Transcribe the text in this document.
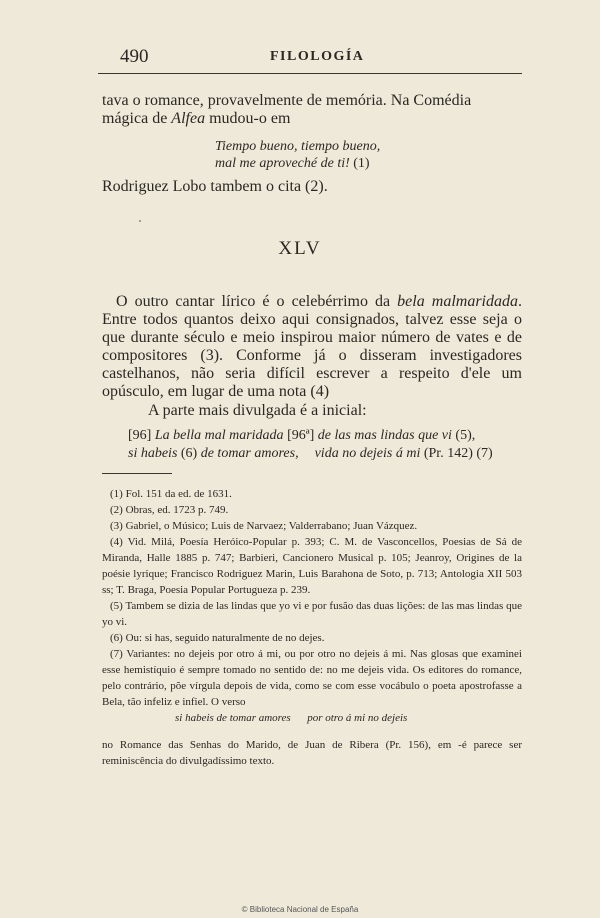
490	FILOLOGÍA
tava o romance, provavelmente de memória. Na Comédia
mágica de Alfea mudou-o em
Tiempo bueno, tiempo bueno,
mal me aproveché de ti! (1)
Rodriguez Lobo tambem o cita (2).
XLV
O outro cantar lírico é o celebérrimo da bela malmaridada. Entre todos quantos deixo aqui consignados, talvez esse seja o que durante século e meio inspirou maior número de vates e de compositores (3). Conforme já o disseram investigadores castelhanos, não seria difícil escrever a respeito d'ele um opúsculo, em lugar de uma nota (4)
A parte mais divulgada é a inicial:
[96] La bella mal maridada [96ª] de las mas lindas que vi (5),
si habeis (6) de tomar amores, vida no dejeis á mi (Pr. 142) (7)

(1) Fol. 151 da ed. de 1631.

(2) Obras, ed. 1723 p. 749.

(3) Gabriel, o Músico; Luis de Narvaez; Valderrabano; Juan Vázquez.

(4) Vid. Milá, Poesía Heróico-Popular p. 393; C. M. de Vasconcellos, Poesias de Sá de Miranda, Halle 1885 p. 747; Barbieri, Cancionero Musical p. 105; Jeanroy, Origines de la poésie lyrique; Francisco Rodriguez Marin, Luis Barahona de Soto, p. 713; Antologia XII 503 ss; T. Braga, Poesia Popular Portugueza p. 239.

(5) Tambem se dizia de las lindas que yo vi e por fusão das duas lições: de las mas lindas que yo vi.

(6) Ou: si has, seguido naturalmente de no dejes.

(7) Variantes: no dejeis por otro á mi, ou por otro no dejeis á mi. Nas glosas que examinei esse hemistíquio é sempre tomado no sentido de: no me dejeis vida. Os editores do romance, pelo contrário, põe vírgula depois de vida, como se com esse vocábulo o poeta apostrofasse a Bela, tão infeliz e infiel. O verso

si habeis de tomar amores      por otro á mi no dejeis
no Romance das Senhas do Marido, de Juan de Ribera (Pr. 156), em -é parece ser reminiscência do divulgadíssimo texto.
© Biblioteca Nacional de España
